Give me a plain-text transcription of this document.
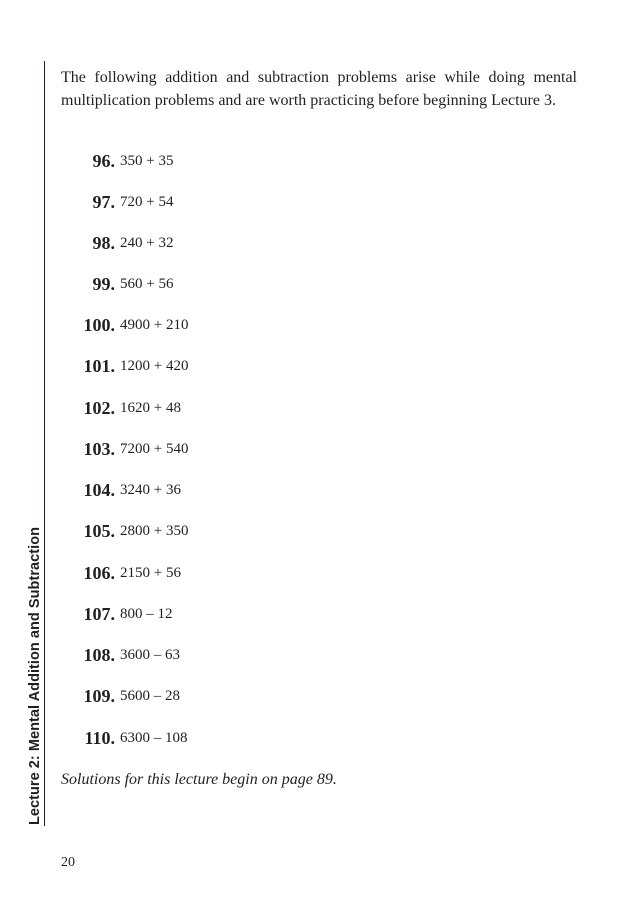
Lecture 2: Mental Addition and Subtraction

The following addition and subtraction problems arise while doing mental multiplication problems and are worth practicing before beginning Lecture 3.

96. 350 + 35
97. 720 + 54
98. 240 + 32
99. 560 + 56
100. 4900 + 210
101. 1200 + 420
102. 1620 + 48
103. 7200 + 540
104. 3240 + 36
105. 2800 + 350
106. 2150 + 56
107. 800 – 12
108. 3600 – 63
109. 5600 – 28
110. 6300 – 108

Solutions for this lecture begin on page 89.

20
